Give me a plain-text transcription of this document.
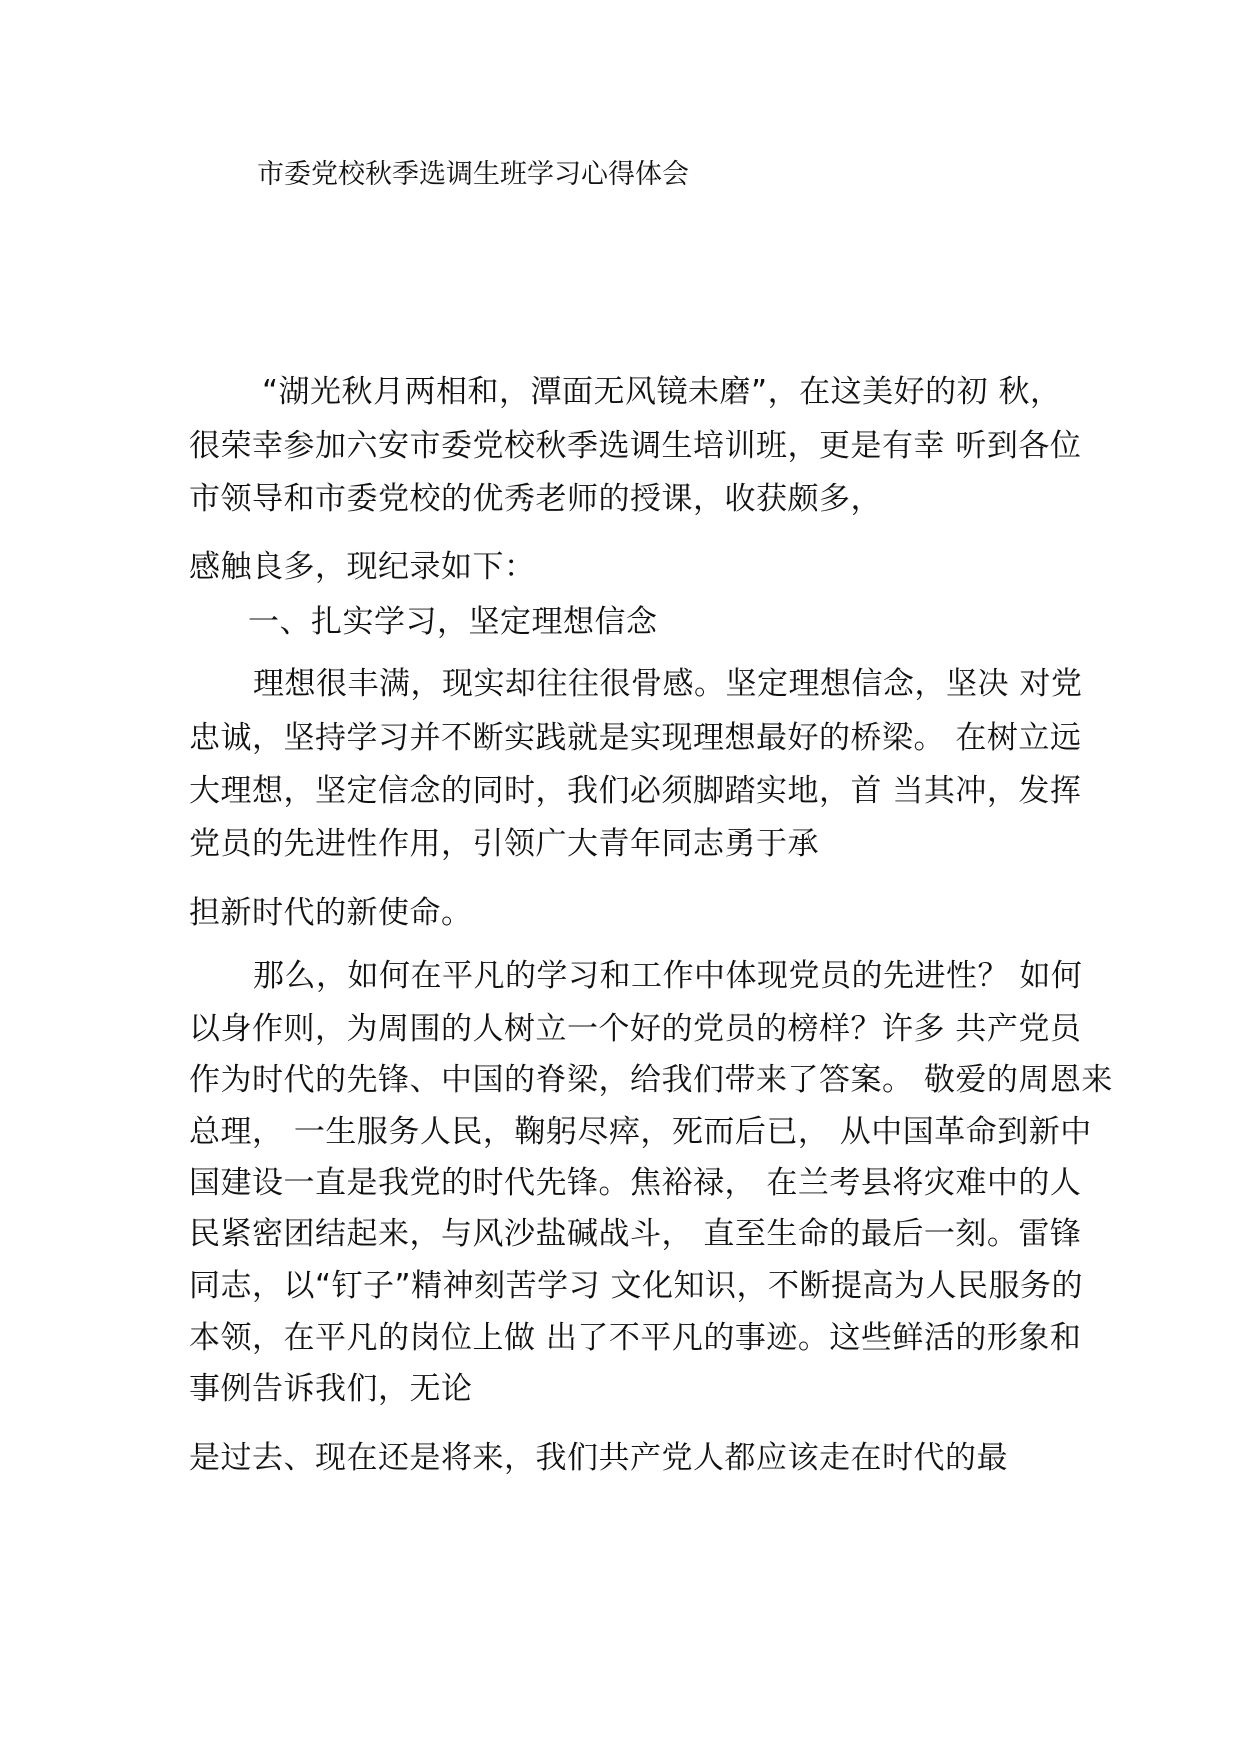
市委党校秋季选调生班学习心得体会
“湖光秋月两相和，潭面无风镜未磨”，在这美好的初 秋，
很荣幸参加六安市委党校秋季选调生培训班，更是有幸 听到各位
市领导和市委党校的优秀老师的授课，收获颇多，
感触良多，现纪录如下：
一、扎实学习，坚定理想信念
理想很丰满，现实却往往很骨感。坚定理想信念，坚决 对党
忠诚，坚持学习并不断实践就是实现理想最好的桥梁。 在树立远
大理想，坚定信念的同时，我们必须脚踏实地，首 当其冲，发挥
党员的先进性作用，引领广大青年同志勇于承
担新时代的新使命。
那么，如何在平凡的学习和工作中体现党员的先进性？ 如何
以身作则，为周围的人树立一个好的党员的榜样？许多 共产党员
作为时代的先锋、中国的脊梁，给我们带来了答案。 敬爱的周恩来
总理， 一生服务人民，鞠躬尽瘁，死而后已， 从中国革命到新中
国建设一直是我党的时代先锋。焦裕禄， 在兰考县将灾难中的人
民紧密团结起来，与风沙盐碱战斗， 直至生命的最后一刻。雷锋
同志，以“钉子”精神刻苦学习 文化知识，不断提高为人民服务的
本领，在平凡的岗位上做 出了不平凡的事迹。这些鲜活的形象和
事例告诉我们，无论
是过去、现在还是将来，我们共产党人都应该走在时代的最
